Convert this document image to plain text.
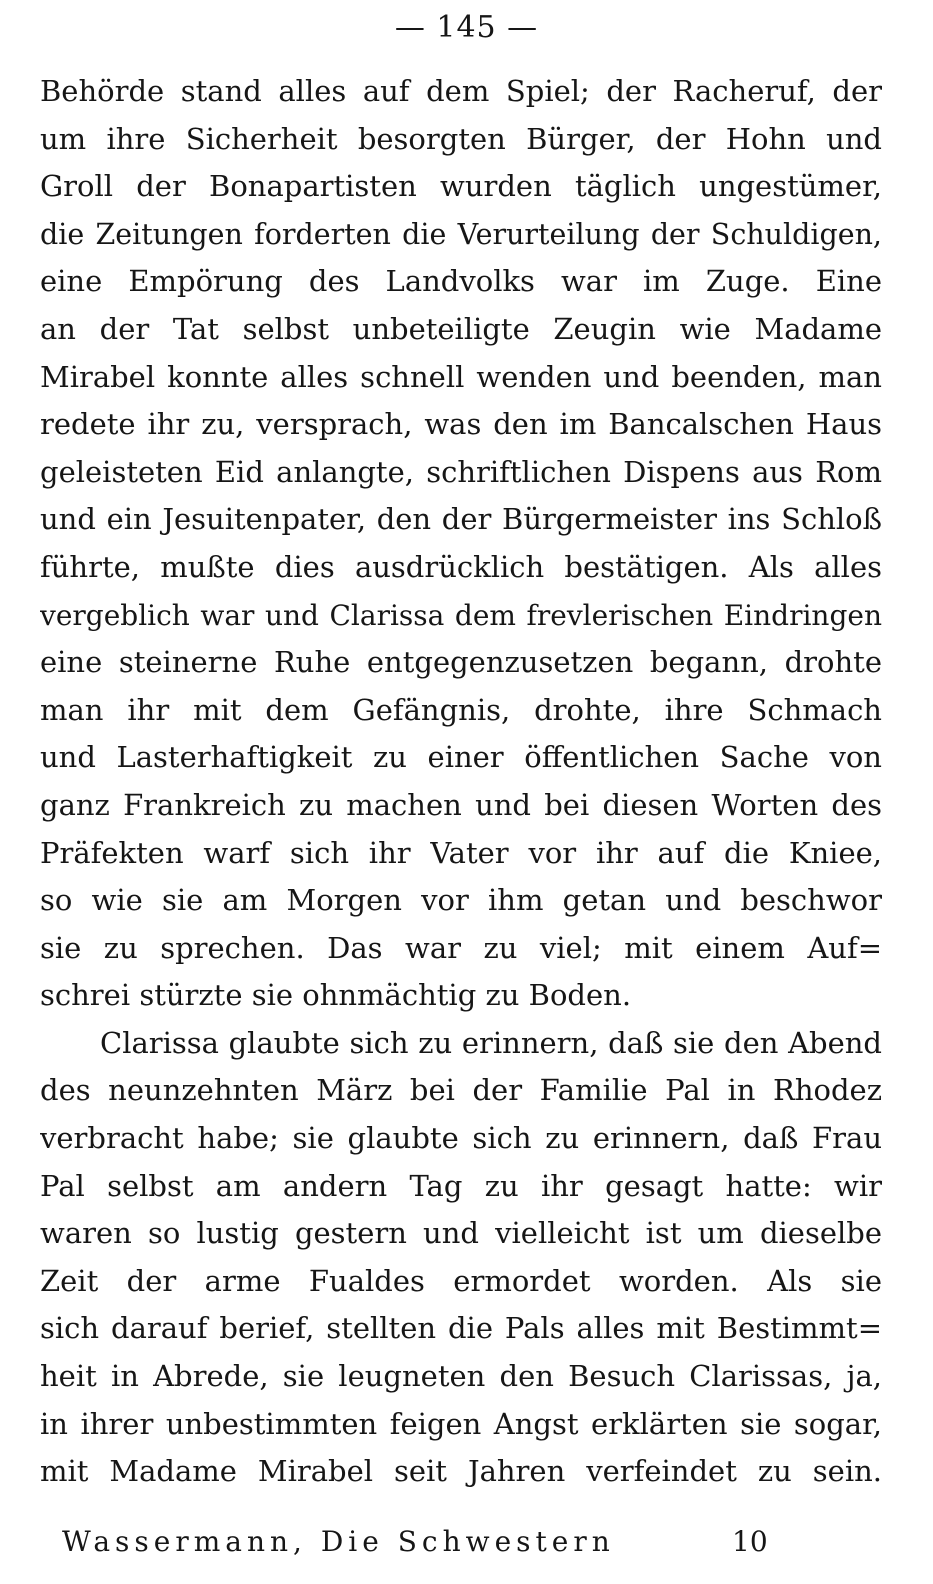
— 145 —
Behörde stand alles auf dem Spiel; der Racheruf, der
um ihre Sicherheit besorgten Bürger, der Hohn und
Groll der Bonapartisten wurden täglich ungestümer,
die Zeitungen forderten die Verurteilung der Schuldigen,
eine Empörung des Landvolks war im Zuge. Eine
an der Tat selbst unbeteiligte Zeugin wie Madame
Mirabel konnte alles schnell wenden und beenden, man
redete ihr zu, versprach, was den im Bancalschen Haus
geleisteten Eid anlangte, schriftlichen Dispens aus Rom
und ein Jesuitenpater, den der Bürgermeister ins Schloß
führte, mußte dies ausdrücklich bestätigen. Als alles
vergeblich war und Clarissa dem frevlerischen Eindringen
eine steinerne Ruhe entgegenzusetzen begann, drohte
man ihr mit dem Gefängnis, drohte, ihre Schmach
und Lasterhaftigkeit zu einer öffentlichen Sache von
ganz Frankreich zu machen und bei diesen Worten des
Präfekten warf sich ihr Vater vor ihr auf die Kniee,
so wie sie am Morgen vor ihm getan und beschwor
sie zu sprechen. Das war zu viel; mit einem Auf=
schrei stürzte sie ohnmächtig zu Boden.
Clarissa glaubte sich zu erinnern, daß sie den Abend
des neunzehnten März bei der Familie Pal in Rhodez
verbracht habe; sie glaubte sich zu erinnern, daß Frau
Pal selbst am andern Tag zu ihr gesagt hatte: wir
waren so lustig gestern und vielleicht ist um dieselbe
Zeit der arme Fualdes ermordet worden. Als sie
sich darauf berief, stellten die Pals alles mit Bestimmt=
heit in Abrede, sie leugneten den Besuch Clarissas, ja,
in ihrer unbestimmten feigen Angst erklärten sie sogar,
mit Madame Mirabel seit Jahren verfeindet zu sein.
Wassermann, Die Schwestern	10
